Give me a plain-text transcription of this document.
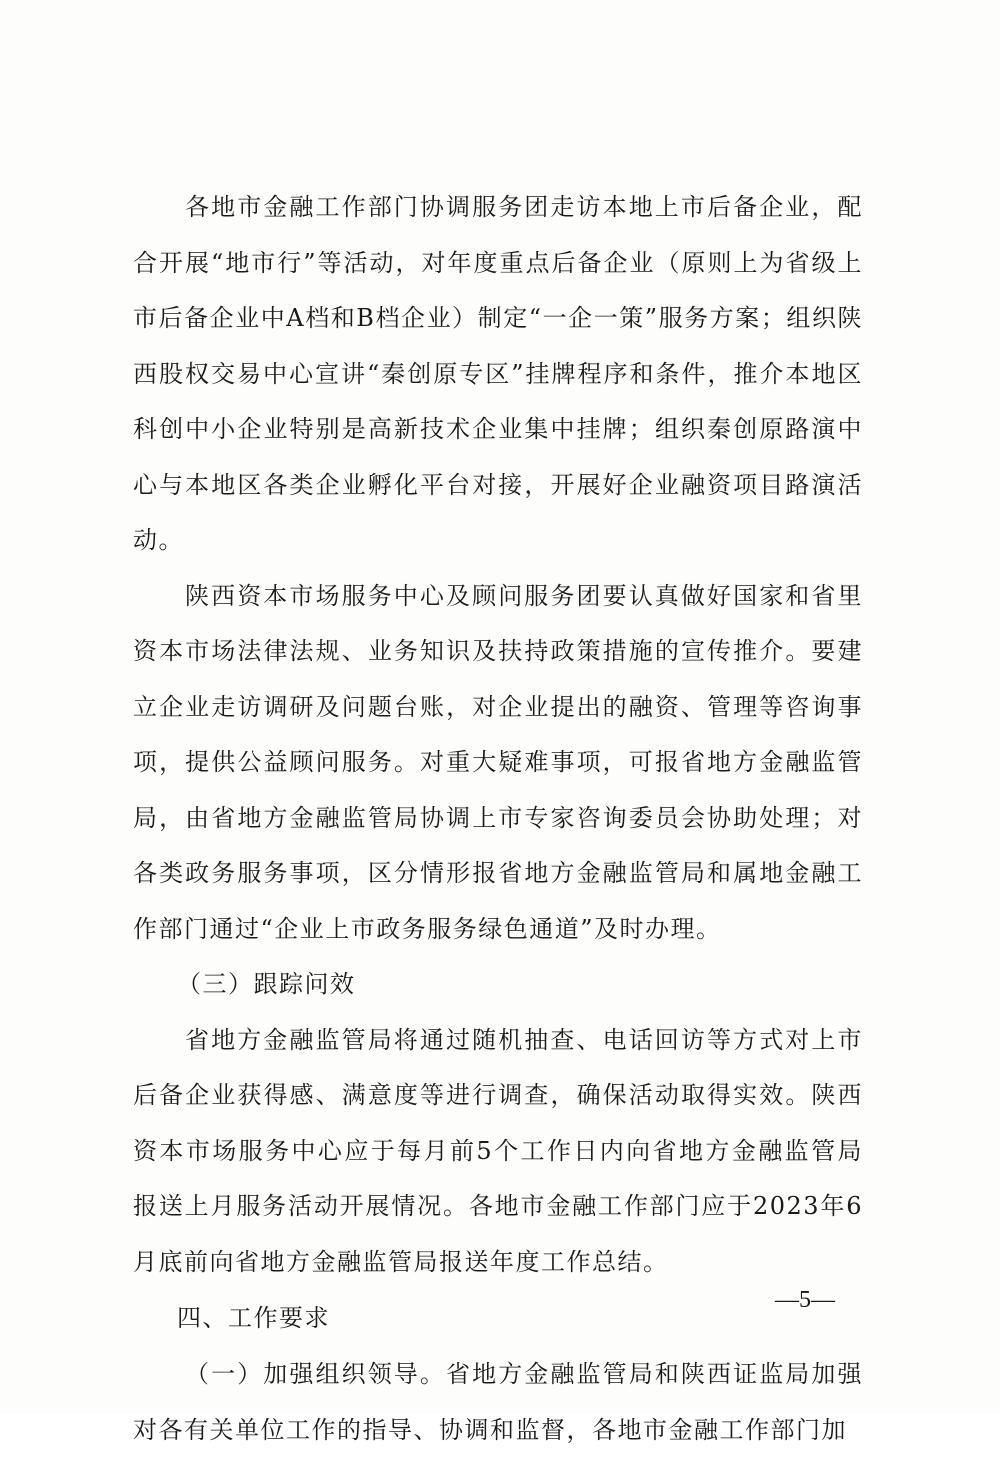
各地市金融工作部门协调服务团走访本地上市后备企业，配合开展“地市行”等活动，对年度重点后备企业（原则上为省级上市后备企业中A档和B档企业）制定“一企一策”服务方案；组织陕西股权交易中心宣讲“秦创原专区”挂牌程序和条件，推介本地区科创中小企业特别是高新技术企业集中挂牌；组织秦创原路演中心与本地区各类企业孵化平台对接，开展好企业融资项目路演活动。

陕西资本市场服务中心及顾问服务团要认真做好国家和省里资本市场法律法规、业务知识及扶持政策措施的宣传推介。要建立企业走访调研及问题台账，对企业提出的融资、管理等咨询事项，提供公益顾问服务。对重大疑难事项，可报省地方金融监管局，由省地方金融监管局协调上市专家咨询委员会协助处理；对各类政务服务事项，区分情形报省地方金融监管局和属地金融工作部门通过“企业上市政务服务绿色通道”及时办理。

（三）跟踪问效

省地方金融监管局将通过随机抽查、电话回访等方式对上市后备企业获得感、满意度等进行调查，确保活动取得实效。陕西资本市场服务中心应于每月前5个工作日内向省地方金融监管局报送上月服务活动开展情况。各地市金融工作部门应于2023年6月底前向省地方金融监管局报送年度工作总结。

四、工作要求

（一）加强组织领导。省地方金融监管局和陕西证监局加强对各有关单位工作的指导、协调和监督，各地市金融工作部门加

—5—
